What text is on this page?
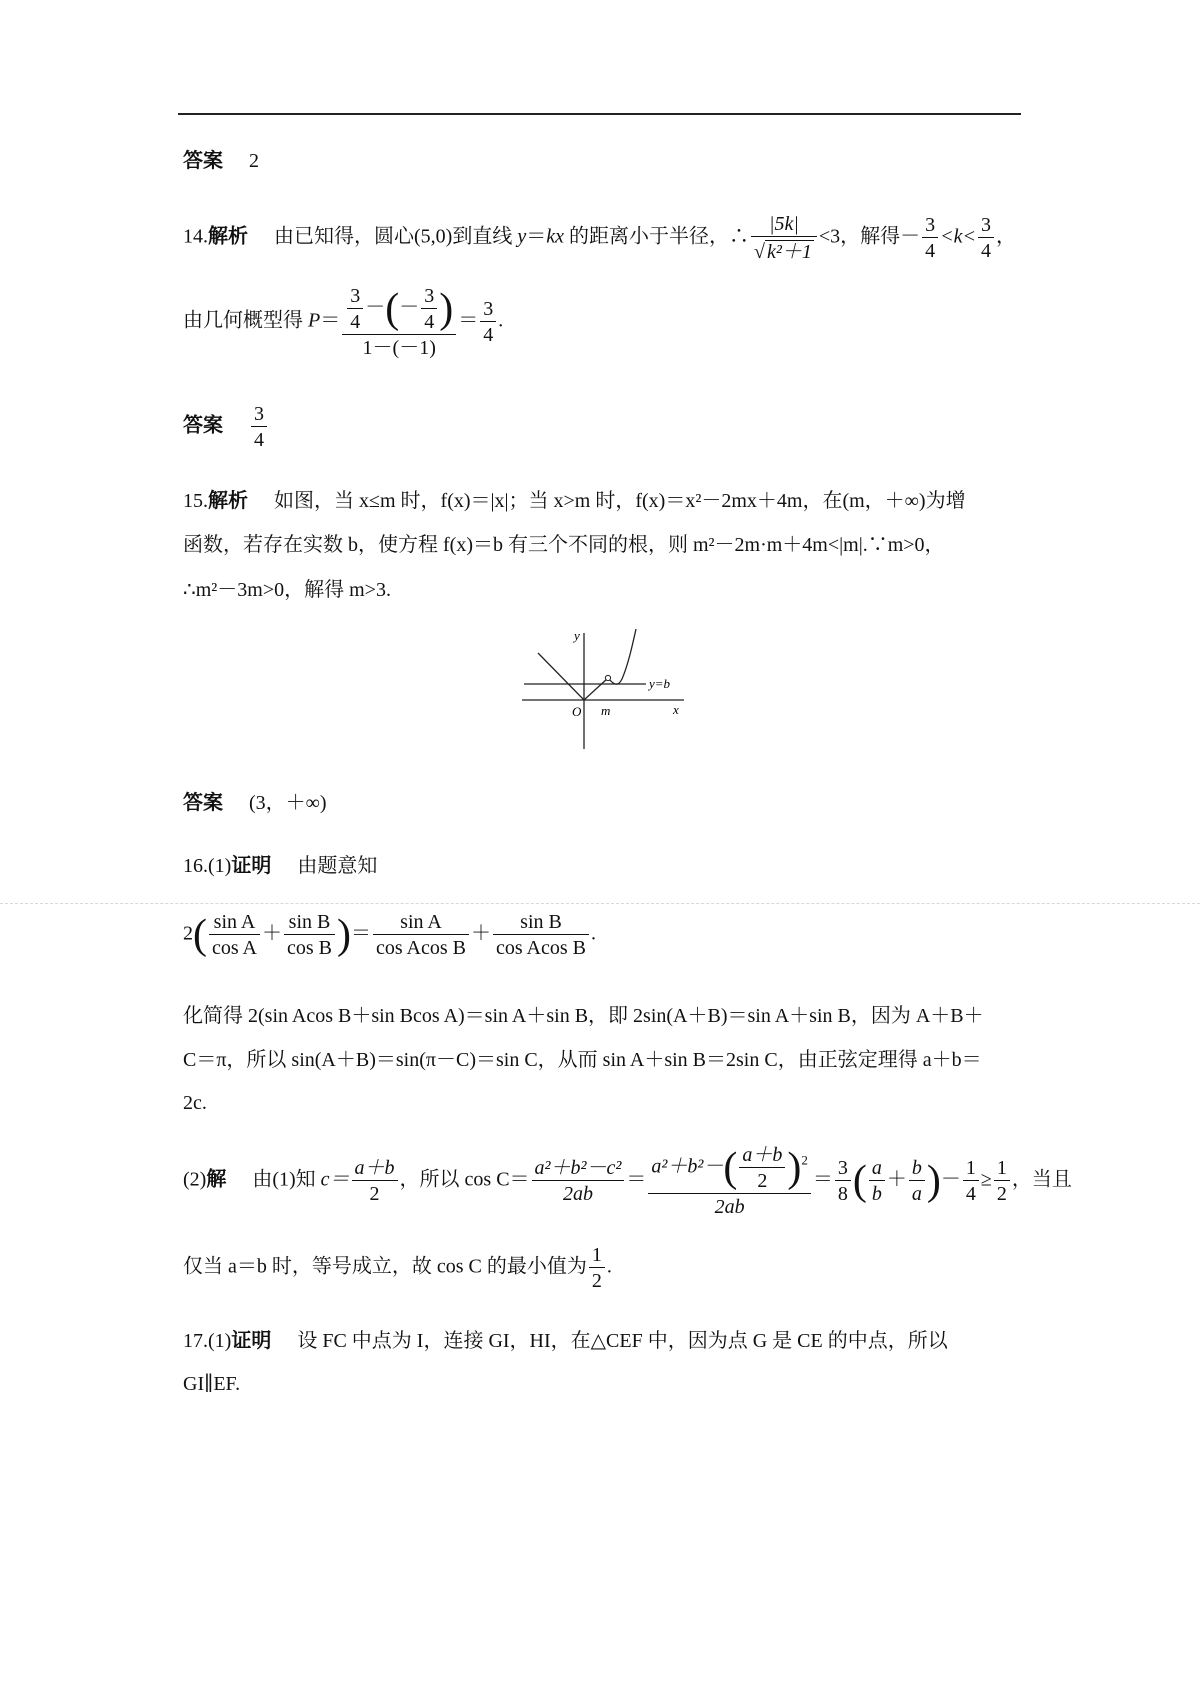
答案 2
14.解析 由已知得，圆心(5,0)到直线 y＝kx 的距离小于半径，∴ $\frac{|5k|}{\text{√ k²＋1}} <3$，解得－ $\frac{3}{4} <k< \frac{3}{4}$ ，
由几何概型得 $P= \frac{\frac{3}{4} -(- \frac{3}{4} )}{1-(-1)} = \frac{3}{4}$ .
答案 $\frac{3}{4}$
15.解析 如图，当 x≤m 时，f(x)＝|x|；当 x>m 时，f(x)＝x²－2mx＋4m，在(m，＋∞)为增
函数，若存在实数 b，使方程 f(x)＝b 有三个不同的根，则 m²－2m·m＋4m<|m|.∵m>0，
∴m²－3m>0，解得 m>3.
y
O m	x
y=b
答案 (3，＋∞)
16.(1)证明 由题意知
$2( \frac{\text{sin A}}{\text{cos A}} + \frac{\text{sin B}}{\text{cos B}}$ )＝ $\frac{\text{sin A}}{\text{cos Acos B}} + \frac{\text{sin B}}{\text{cos Acos B}}$ .
化简得 2(sin Acos B＋sin Bcos A)＝sin A＋sin B，即 2sin(A＋B)＝sin A＋sin B，因为 A＋B＋
C＝π，所以 sin(A＋B)＝sin(π－C)＝sin C，从而 sin A＋sin B＝2sin C，由正弦定理得 a＋b＝
2c.
(2)解 由(1)知 $c= \frac{a+b}{2}$ ，所以 $\cos C= \frac{\text{a²＋b²－c²}}{2ab} = \frac{a^2+b^2-( \frac{a+b}{2} )^2}{2ab} = \frac{3}{8}$ ( $\frac{a}{b} + \frac{b}{a}$ )－ $\frac{1}{4} \ge \frac{1}{2}$ ，当且
仅当 a＝b 时，等号成立，故 cos C 的最小值为 $\frac{1}{2}$ .
17.(1)证明 设 FC 中点为 I，连接 GI，HI，在△CEF 中，因为点 G 是 CE 的中点，所以
GI∥EF.
